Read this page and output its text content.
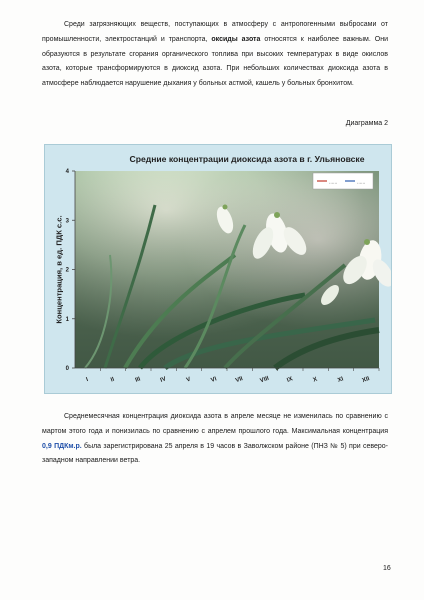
Среди загрязняющих веществ, поступающих в атмосферу с антропогенными выбросами от промышленности, электростанций и транспорта, оксиды азота относятся к наиболее важным. Они образуются в результате сгорания органического топлива при высоких температурах в виде окислов азота, которые трансформируются в диоксид азота. При небольших количествах диоксида азота в атмосфере наблюдается нарушение дыхания у больных астмой, кашель у больных бронхитом.

Диаграмма 2
......	......
0
1
2
3
4
I	II	III	IV	V	VI	VII	VIII	IX	X	XI	XII
Средние концентрации диоксида азота в г. Ульяновске
Концентрация, в ед. ПДК с.с.

Среднемесячная концентрация диоксида азота в апреле месяце не изменилась по сравнению с мартом этого года и понизилась по сравнению с апрелем прошлого года. Максимальная концентрация 0,9 ПДКм.р. была зарегистрирована 25 апреля в 19 часов в Заволжском районе (ПНЗ № 5) при северо-западном направлении ветра.

16
